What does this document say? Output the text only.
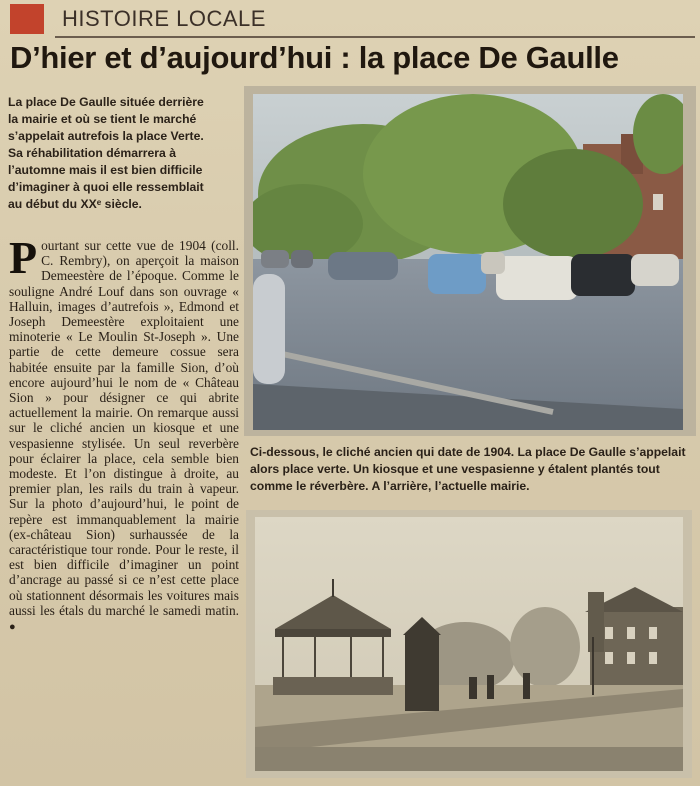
HISTOIRE LOCALE
D’hier et d’aujourd’hui : la place De Gaulle

La place De Gaulle située derrière

la mairie et où se tient le marché

s’appelait autrefois la place Verte.

Sa réhabilitation démarrera à

l’automne mais il est bien difficile

d’imaginer à quoi elle ressemblait

au début du XXᵉ siècle.

Pourtant sur cette vue de 1904 (coll. C. Rembry), on aperçoit la maison Demeestère de l’époque. Comme le souligne André Louf dans son ouvrage « Halluin, images d’autrefois », Edmond et Joseph Demeestère exploitaient une minoterie « Le Moulin St-Joseph ». Une partie de cette demeure cossue sera habitée ensuite par la famille Sion, d’où encore aujourd’hui le nom de « Château Sion » pour désigner ce qui abrite actuellement la mairie. On remarque aussi sur le cliché ancien un kiosque et une vespasienne stylisée. Un seul reverbère pour éclairer la place, cela semble bien modeste. Et l’on distingue à droite, au premier plan, les rails du train à vapeur. Sur la photo d’aujourd’hui, le point de repère est immanquablement la mairie (ex-château Sion) surhaussée de la caractéristique tour ronde. Pour le reste, il est bien difficile d’imaginer un point d’ancrage au passé si ce n’est cette place où stationnent désormais les voitures mais aussi les étals du marché le samedi matin. ●

Ci-dessous, le cliché ancien qui date de 1904. La place De Gaulle s’appelait alors place verte. Un kiosque et une vespasienne y étalent plantés tout comme le réverbère. A l’arrière, l’actuelle mairie.
